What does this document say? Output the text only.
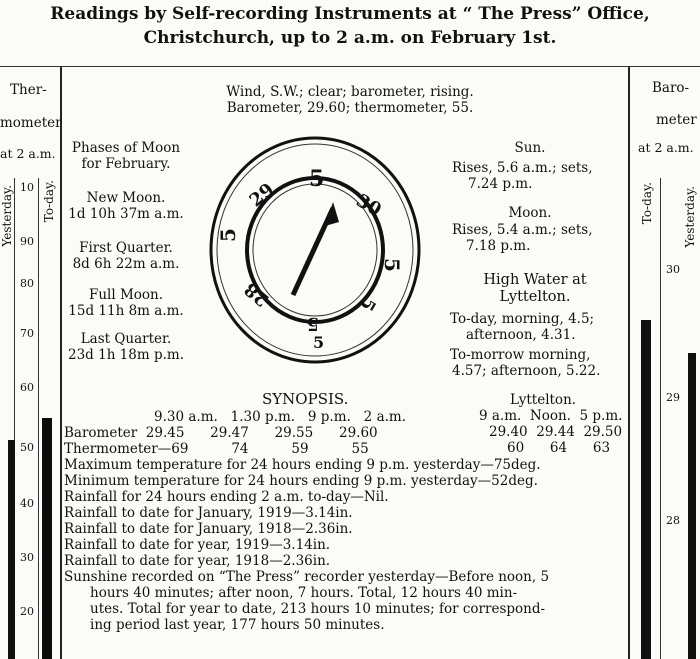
Readings by Self-recording Instruments at “ The Press” Office,
Christchurch, up to 2 a.m. on February 1st.
Ther-
mometer
at 2 a.m.
Yesterday. To-day.
10
90
80
70
60
50
40
30
20
Baro-
meter
at 2 a.m.
To-day. Yesterday.
30
29
28
Wind, S.W.; clear; barometer, rising.
Barometer, 29.60; thermometer, 55.
Phases of Moon
for February.
New Moon.
1d 10h 37m a.m.
First Quarter.
8d 6h 22m a.m.
Full Moon.
15d 11h 8m a.m.
Last Quarter.
23d 1h 18m p.m.
5
30
5
5
5
29
5
28
5
Sun.
Rises, 5.6 a.m.; sets,
7.24 p.m.
Moon.
Rises, 5.4 a.m.; sets,
7.18 p.m.
High Water at
Lyttelton.
To-day, morning, 4.5;
afternoon, 4.31.
To-morrow morning,
4.57; afternoon, 5.22.
SYNOPSIS.
9.30 a.m.   1.30 p.m.   9 p.m.   2 a.m.
Barometer  29.45      29.47      29.55      29.60
Thermometer—69          74          59          55
Lyttelton.
9 a.m.  Noon.  5 p.m.
29.40  29.44  29.50
60      64      63
Maximum temperature for 24 hours ending 9 p.m. yesterday—75deg.
Minimum temperature for 24 hours ending 9 p.m. yesterday—52deg.
Rainfall for 24 hours ending 2 a.m. to-day—Nil.
Rainfall to date for January, 1919—3.14in.
Rainfall to date for January, 1918—2.36in.
Rainfall to date for year, 1919—3.14in.
Rainfall to date for year, 1918—2.36in.
Sunshine recorded on “The Press” recorder yesterday—Before noon, 5
hours 40 minutes; after noon, 7 hours. Total, 12 hours 40 min-
utes. Total for year to date, 213 hours 10 minutes; for correspond-
ing period last year, 177 hours 50 minutes.
